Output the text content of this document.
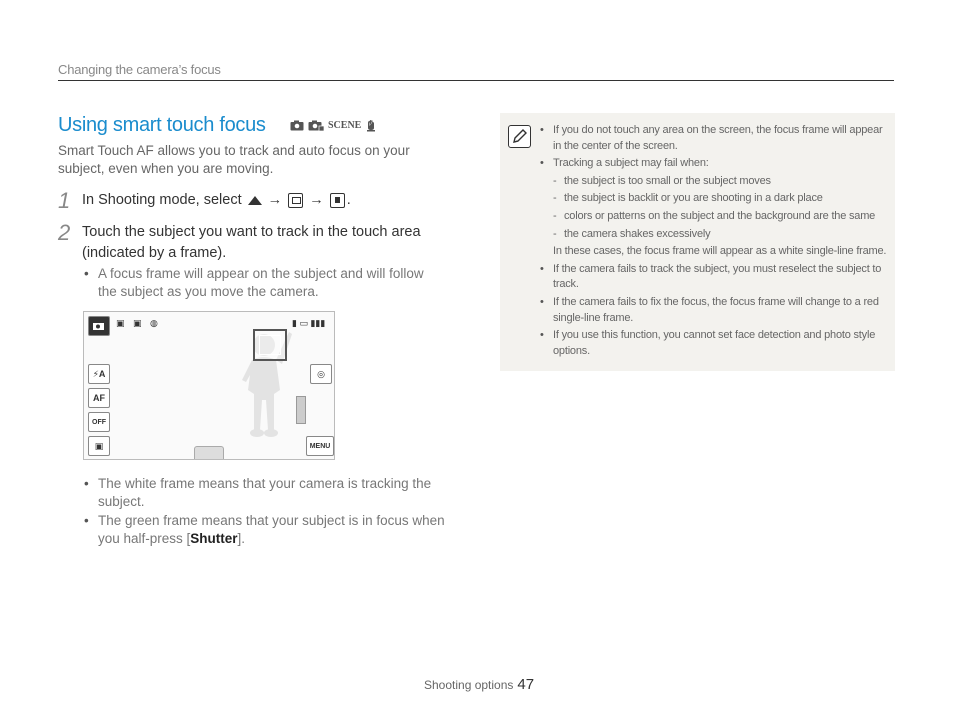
Changing the camera’s focus
Using smart touch focus	SCENE
Smart Touch AF allows you to track and auto focus on your subject, even when you are moving.
1 In Shooting mode, select → → .
2 Touch the subject you want to track in the touch area (indicated by a frame).
• A focus frame will appear on the subject and will follow the subject as you move the camera.
▣ ▣ ◍	▮ ▭ ▮▮▮
⚡A
AF
OFF
▣
◎
MENU
• The white frame means that your camera is tracking the subject.
• The green frame means that your subject is in focus when you half-press [Shutter].
• If you do not touch any area on the screen, the focus frame will appear in the center of the screen.
• Tracking a subject may fail when:
- the subject is too small or the subject moves
- the subject is backlit or you are shooting in a dark place
- colors or patterns on the subject and the background are the same
- the camera shakes excessively
In these cases, the focus frame will appear as a white single-line frame.
• If the camera fails to track the subject, you must reselect the subject to track.
• If the camera fails to fix the focus, the focus frame will change to a red single-line frame.
• If you use this function, you cannot set face detection and photo style options.
Shooting options 47
